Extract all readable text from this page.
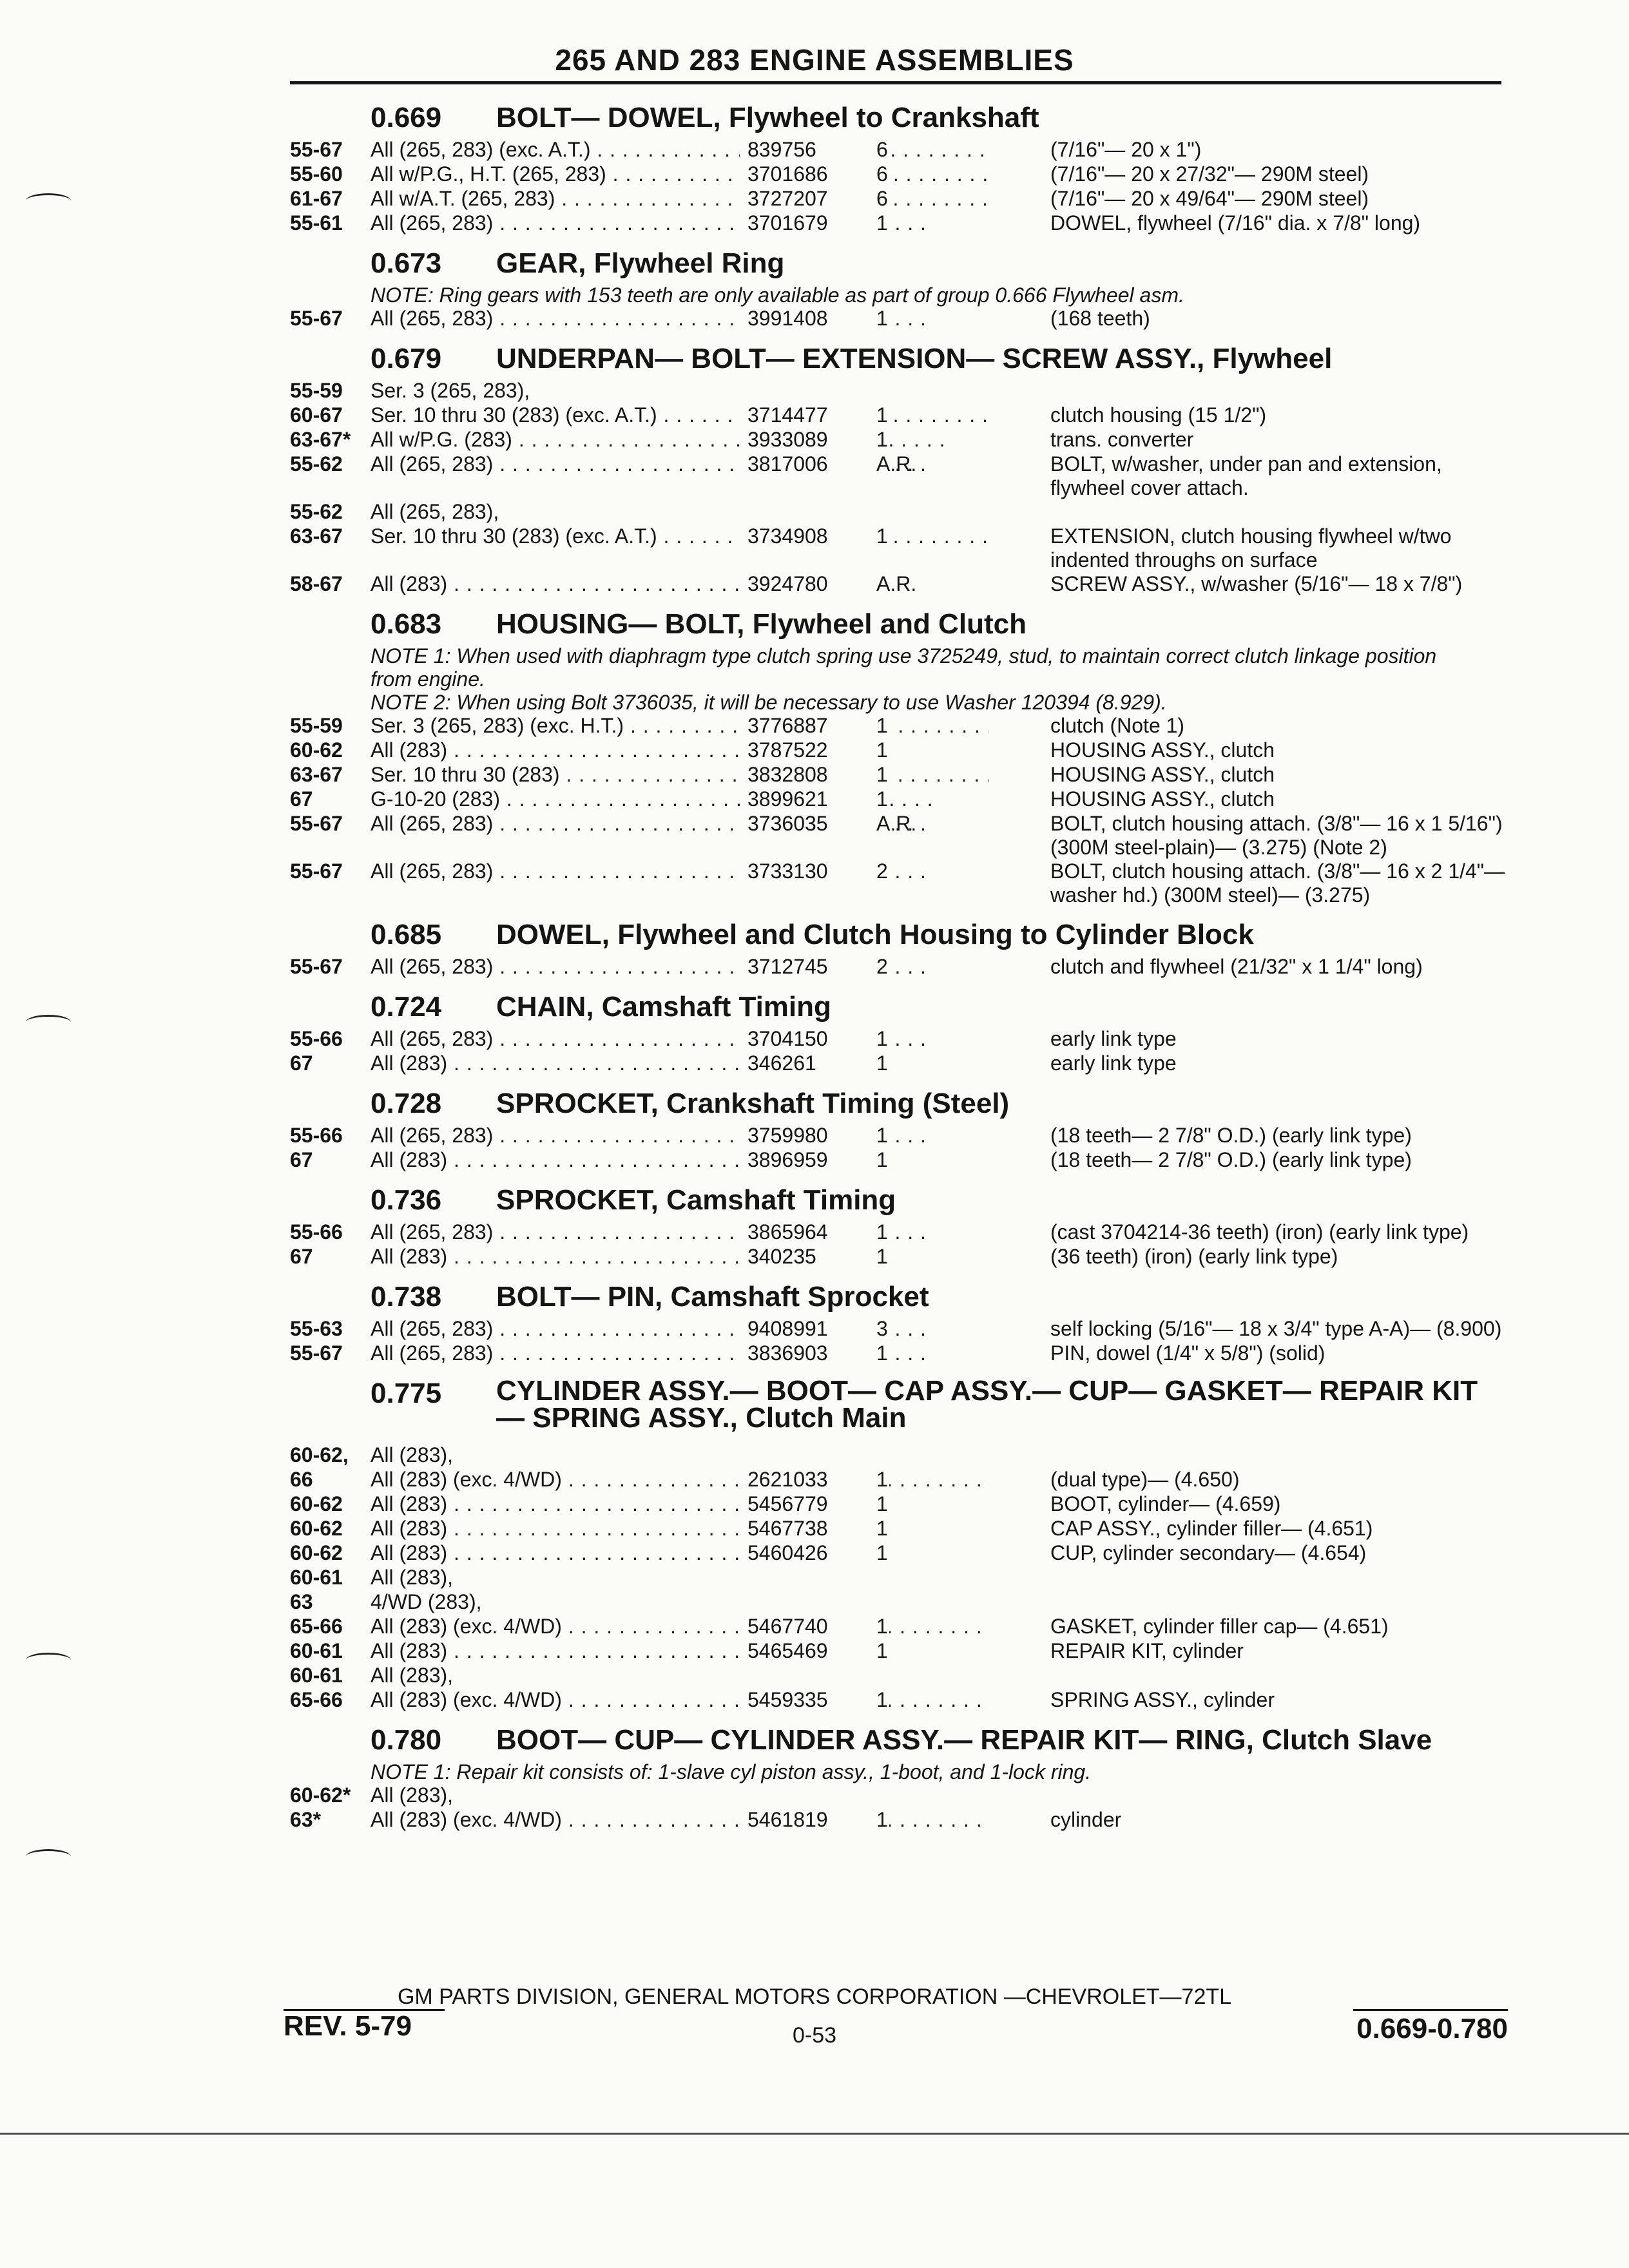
265 AND 283 ENGINE ASSEMBLIES
0.669 BOLT— DOWEL, Flywheel to Crankshaft
55-67	All (265, 283) (exc. A.T.) . . .	839756	6	(7/16"— 20 x 1")
55-60	All w/P.G., H.T. (265, 283) . . .	3701686	6	(7/16"— 20 x 27/32"— 290M steel)
61-67	All w/A.T. (265, 283) . . .	3727207	6	(7/16"— 20 x 49/64"— 290M steel)
55-61	All (265, 283) . . .	3701679	1	DOWEL, flywheel (7/16" dia. x 7/8" long)
0.673 GEAR, Flywheel Ring
NOTE: Ring gears with 153 teeth are only available as part of group 0.666 Flywheel asm.
55-67	All (265, 283) . . .	3991408	1	(168 teeth)
0.679 UNDERPAN— BOLT— EXTENSION— SCREW ASSY., Flywheel
55-59	Ser. 3 (265, 283),
60-67	Ser. 10 thru 30 (283) (exc. A.T.) . . .	3714477	1	clutch housing (15 1/2")
63-67* All w/P.G. (283) . . .	3933089	1	trans. converter
55-62	All (265, 283) . . .	3817006	A.R.	BOLT, w/washer, under pan and extension, flywheel cover attach.
55-62	All (265, 283),
63-67	Ser. 10 thru 30 (283) (exc. A.T.) . . .	3734908	1	EXTENSION, clutch housing flywheel w/two indented throughs on surface
58-67	All (283) . . .	3924780	A.R.	SCREW ASSY., w/washer (5/16"— 18 x 7/8")
0.683 HOUSING— BOLT, Flywheel and Clutch
NOTE 1: When used with diaphragm type clutch spring use 3725249, stud, to maintain correct clutch linkage position from engine.
NOTE 2: When using Bolt 3736035, it will be necessary to use Washer 120394 (8.929).
55-59	Ser. 3 (265, 283) (exc. H.T.) . . .	3776887	1	clutch (Note 1)
60-62	All (283) . . .	3787522	1	HOUSING ASSY., clutch
63-67	Ser. 10 thru 30 (283) . . .	3832808	1	HOUSING ASSY., clutch
67	G-10-20 (283) . . .	3899621	1	HOUSING ASSY., clutch
55-67	All (265, 283) . . .	3736035	A.R.	BOLT, clutch housing attach. (3/8"— 16 x 1 5/16") (300M steel-plain)— (3.275) (Note 2)
55-67	All (265, 283) . . .	3733130	2	BOLT, clutch housing attach. (3/8"— 16 x 2 1/4"— washer hd.) (300M steel)— (3.275)
0.685 DOWEL, Flywheel and Clutch Housing to Cylinder Block
55-67	All (265, 283) . . .	3712745	2	clutch and flywheel (21/32" x 1 1/4" long)
0.724 CHAIN, Camshaft Timing
55-66	All (265, 283) . . .	3704150	1	early link type
67	All (283) . . .	346261	1	early link type
0.728 SPROCKET, Crankshaft Timing (Steel)
55-66	All (265, 283) . . .	3759980	1	(18 teeth— 2 7/8" O.D.) (early link type)
67	All (283) . . .	3896959	1	(18 teeth— 2 7/8" O.D.) (early link type)
0.736 SPROCKET, Camshaft Timing
55-66	All (265, 283) . . .	3865964	1	(cast 3704214-36 teeth) (iron) (early link type)
67	All (283) . . .	340235	1	(36 teeth) (iron) (early link type)
0.738 BOLT— PIN, Camshaft Sprocket
55-63	All (265, 283) . . .	9408991	3	self locking (5/16"— 18 x 3/4" type A-A)— (8.900)
55-67	All (265, 283) . . .	3836903	1	PIN, dowel (1/4" x 5/8") (solid)
0.775 CYLINDER ASSY.— BOOT— CAP ASSY.— CUP— GASKET— REPAIR KIT— SPRING ASSY., Clutch Main
60-62,	All (283),
66	All (283) (exc. 4/WD) . . .	2621033	1	(dual type)— (4.650)
60-62	All (283) . . .	5456779	1	BOOT, cylinder— (4.659)
60-62	All (283) . . .	5467738	1	CAP ASSY., cylinder filler— (4.651)
60-62	All (283) . . .	5460426	1	CUP, cylinder secondary— (4.654)
60-61	All (283),
63	4/WD (283),
65-66	All (283) (exc. 4/WD) . . .	5467740	1	GASKET, cylinder filler cap— (4.651)
60-61	All (283) . . .	5465469	1	REPAIR KIT, cylinder
60-61	All (283),
65-66	All (283) (exc. 4/WD) . . .	5459335	1	SPRING ASSY., cylinder
0.780 BOOT— CUP— CYLINDER ASSY.— REPAIR KIT— RING, Clutch Slave
NOTE 1: Repair kit consists of: 1-slave cyl piston assy., 1-boot, and 1-lock ring.
60-62* All (283),
63*	All (283) (exc. 4/WD) . . .	5461819	1	cylinder
GM PARTS DIVISION, GENERAL MOTORS CORPORATION —CHEVROLET—72TL
REV. 5-79	0-53	0.669-0.780
